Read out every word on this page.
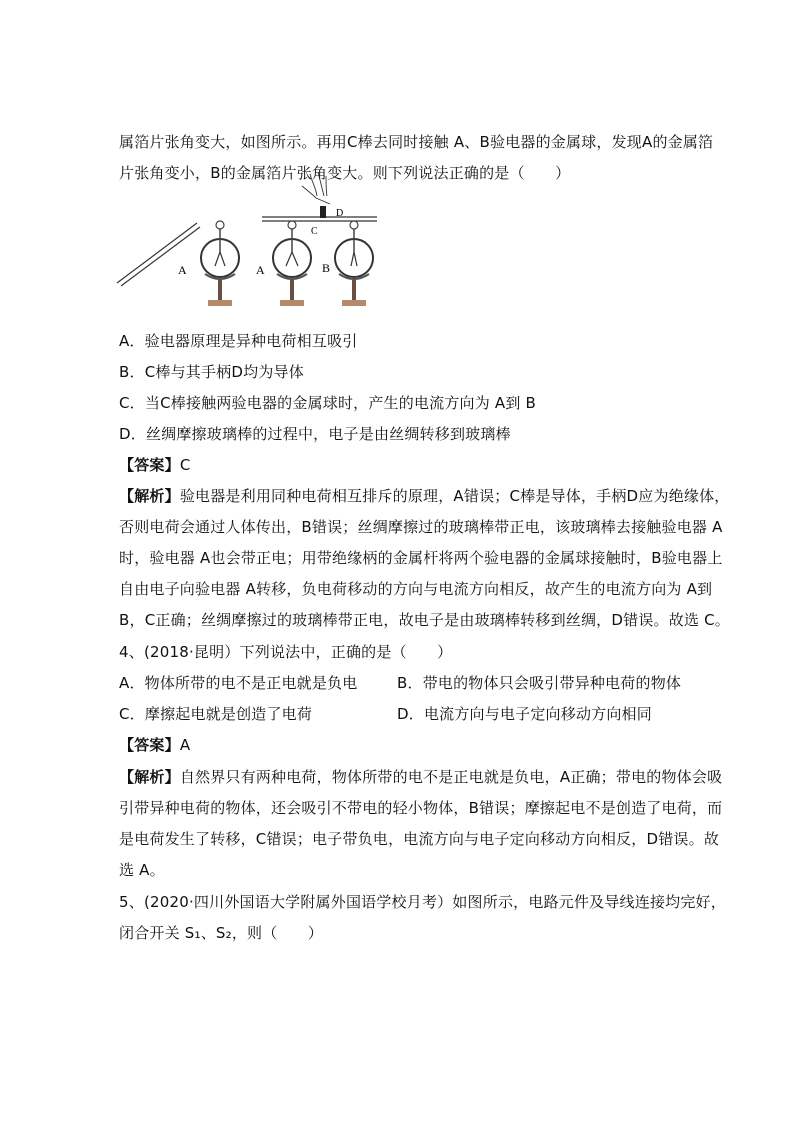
属箔片张角变大，如图所示。再用C棒去同时接触 A、B验电器的金属球，发现A的金属箔
片张角变小，B的金属箔片张角变大。则下列说法正确的是（　　）
A	A	B
C
D
A．验电器原理是异种电荷相互吸引
B．C棒与其手柄D均为导体
C．当C棒接触两验电器的金属球时，产生的电流方向为 A到 B
D．丝绸摩擦玻璃棒的过程中，电子是由丝绸转移到玻璃棒
【答案】C
【解析】验电器是利用同种电荷相互排斥的原理，A错误；C棒是导体，手柄D应为绝缘体，
否则电荷会通过人体传出，B错误；丝绸摩擦过的玻璃棒带正电，该玻璃棒去接触验电器 A
时，验电器 A也会带正电；用带绝缘柄的金属杆将两个验电器的金属球接触时，B验电器上
自由电子向验电器 A转移，负电荷移动的方向与电流方向相反，故产生的电流方向为 A到
B，C正确；丝绸摩擦过的玻璃棒带正电，故电子是由玻璃棒转移到丝绸，D错误。故选 C。
4、(2018·昆明）下列说法中，正确的是（　　）
A．物体所带的电不是正电就是负电	B．带电的物体只会吸引带异种电荷的物体
C．摩擦起电就是创造了电荷	D．电流方向与电子定向移动方向相同
【答案】A
【解析】自然界只有两种电荷，物体所带的电不是正电就是负电，A正确；带电的物体会吸
引带异种电荷的物体，还会吸引不带电的轻小物体，B错误；摩擦起电不是创造了电荷，而
是电荷发生了转移，C错误；电子带负电，电流方向与电子定向移动方向相反，D错误。故
选 A。
5、(2020·四川外国语大学附属外国语学校月考）如图所示，电路元件及导线连接均完好，
闭合开关 S₁、S₂，则（　　）
